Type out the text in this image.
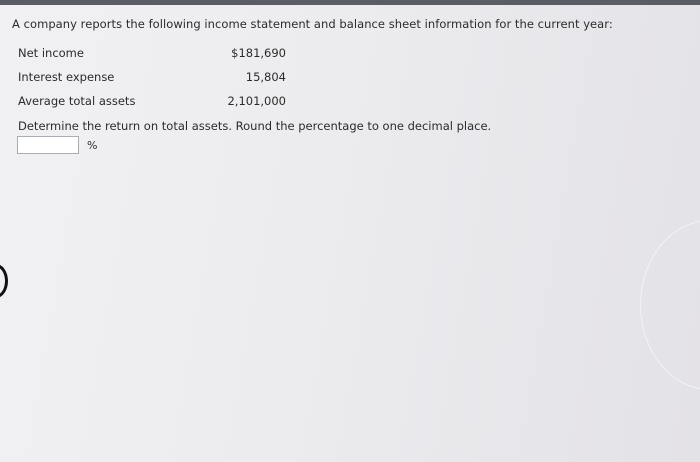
A company reports the following income statement and balance sheet information for the current year:
Net income	$181,690
Interest expense	15,804
Average total assets	2,101,000
Determine the return on total assets. Round the percentage to one decimal place.
%
